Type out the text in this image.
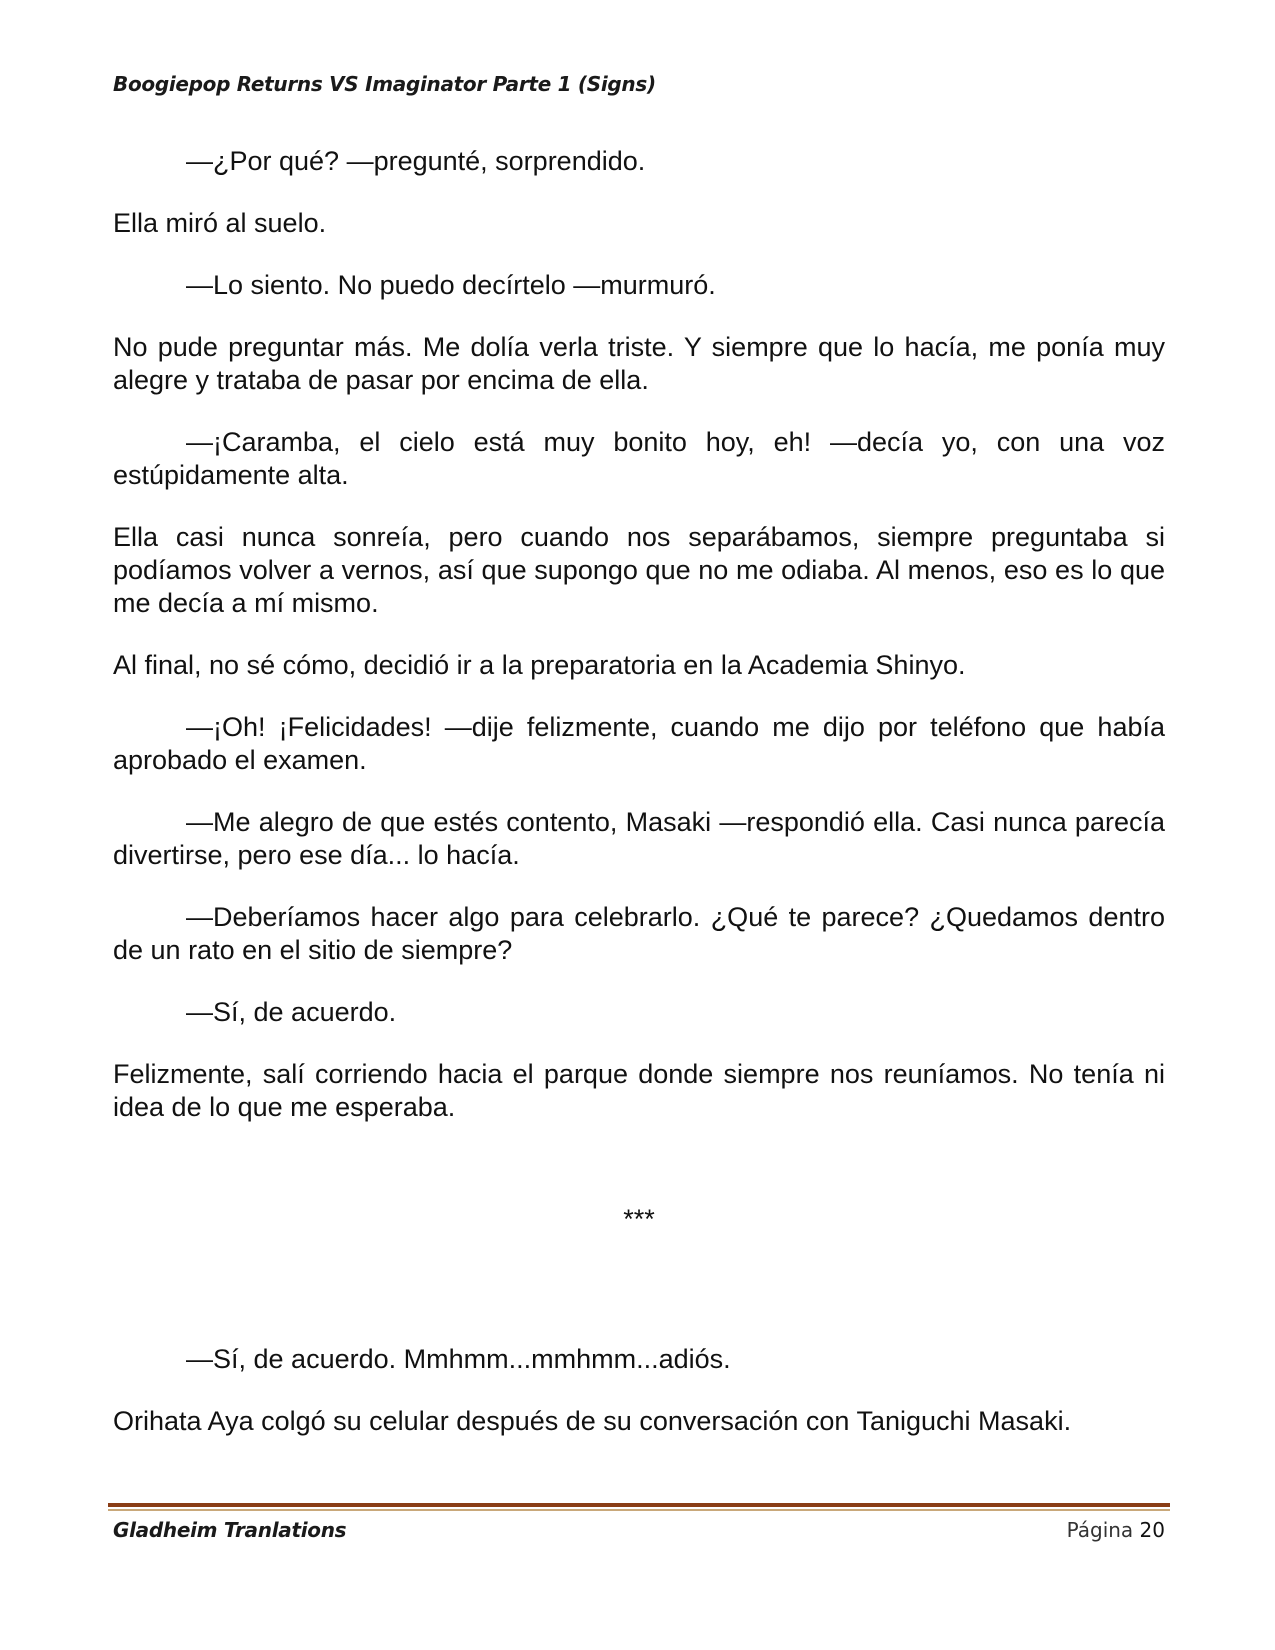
Boogiepop Returns VS Imaginator Parte 1 (Signs)

—¿Por qué? —pregunté, sorprendido.

Ella miró al suelo.

—Lo siento. No puedo decírtelo —murmuró.

No pude preguntar más. Me dolía verla triste. Y siempre que lo hacía, me ponía muy alegre y trataba de pasar por encima de ella.

—¡Caramba, el cielo está muy bonito hoy, eh! —decía yo, con una voz estúpidamente alta.

Ella casi nunca sonreía, pero cuando nos separábamos, siempre preguntaba si podíamos volver a vernos, así que supongo que no me odiaba. Al menos, eso es lo que me decía a mí mismo.

Al final, no sé cómo, decidió ir a la preparatoria en la Academia Shinyo.

—¡Oh! ¡Felicidades! —dije felizmente, cuando me dijo por teléfono que había aprobado el examen.

—Me alegro de que estés contento, Masaki —respondió ella. Casi nunca parecía divertirse, pero ese día... lo hacía.

—Deberíamos hacer algo para celebrarlo. ¿Qué te parece? ¿Quedamos dentro de un rato en el sitio de siempre?

—Sí, de acuerdo.

Felizmente, salí corriendo hacia el parque donde siempre nos reuníamos. No tenía ni idea de lo que me esperaba.

***

—Sí, de acuerdo. Mmhmm...mmhmm...adiós.

Orihata Aya colgó su celular después de su conversación con Taniguchi Masaki.

Gladheim Tranlations	Página 20
